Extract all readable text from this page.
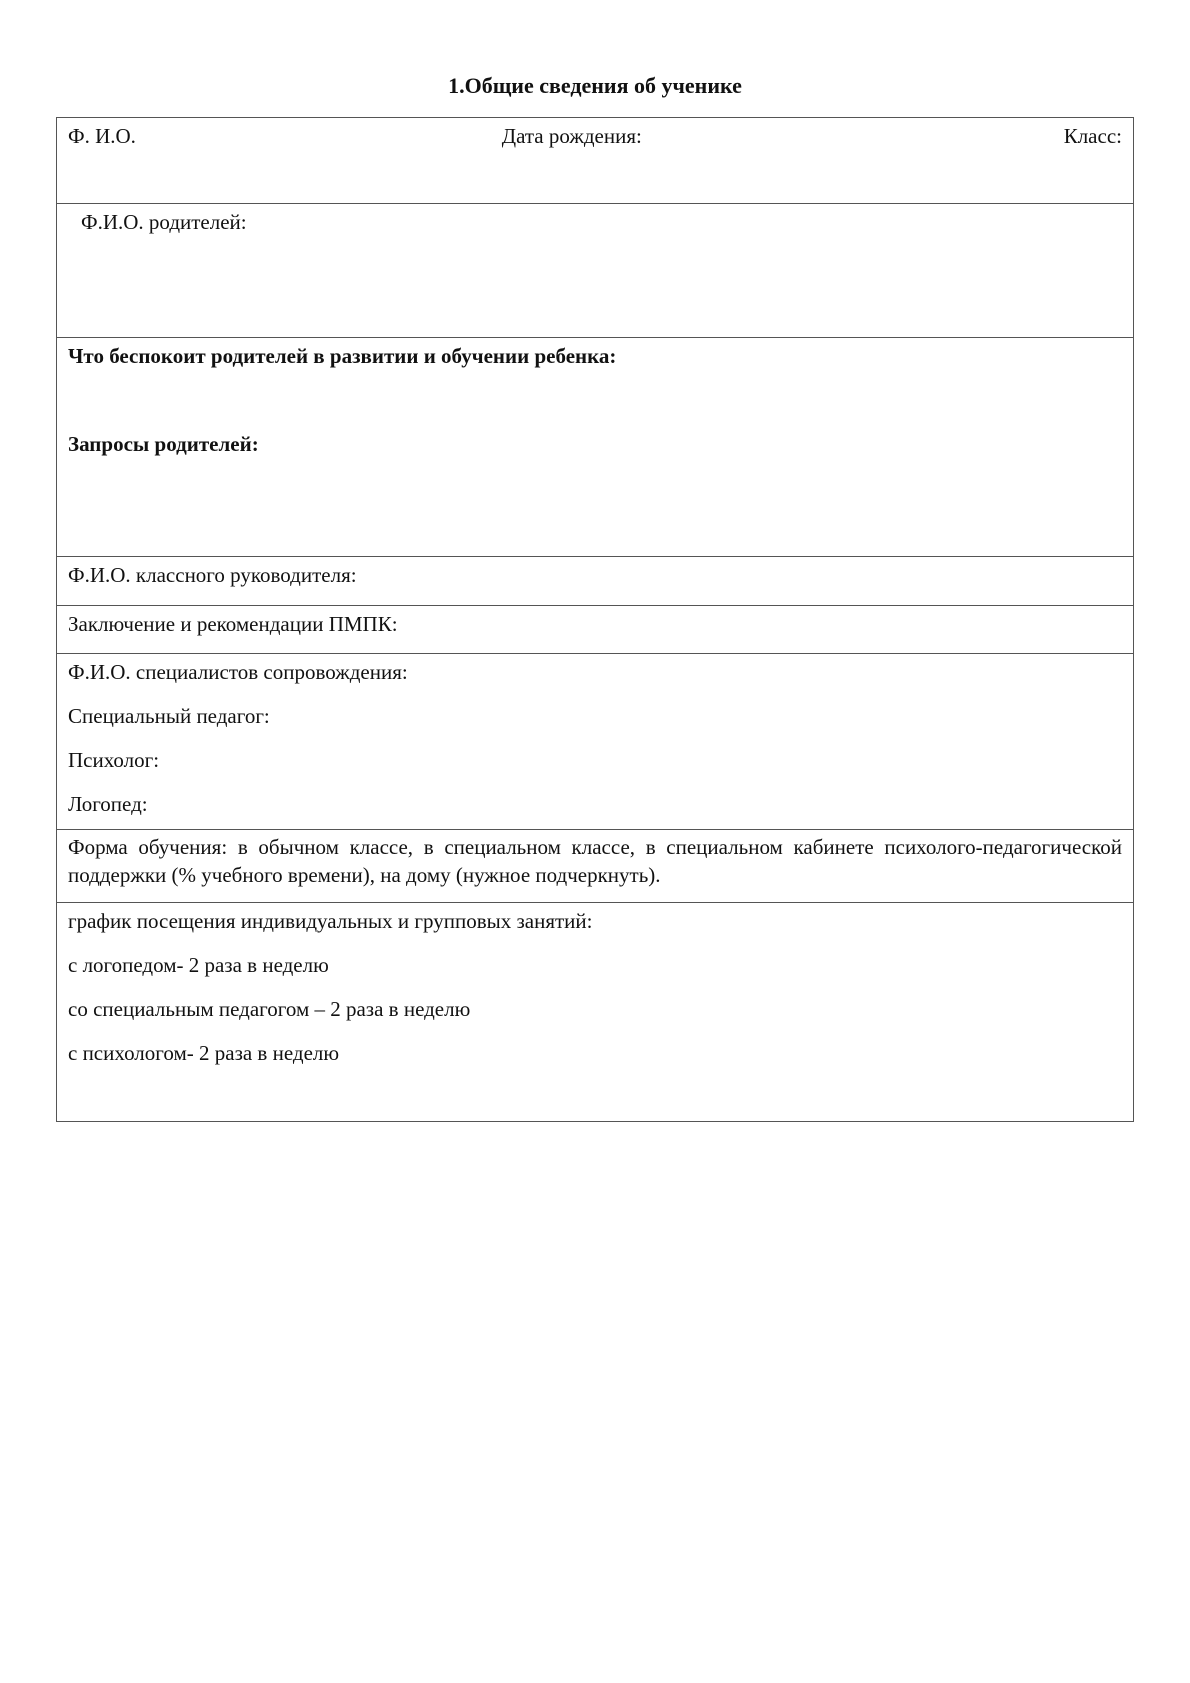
1.Общие сведения об ученике
Ф. И.О.	Дата рождения:	Класс:

Ф.И.О. родителей:

Что беспокоит родителей в развитии и обучении ребенка:
Запросы родителей:

Ф.И.О. классного руководителя:

Заключение и рекомендации ПМПК:

Ф.И.О. специалистов сопровождения:
Специальный педагог:
Психолог:
Логопед:

Форма обучения: в обычном классе, в специальном классе, в специальном кабинете психолого-педагогической поддержки (% учебного времени), на дому (нужное подчеркнуть).

график посещения индивидуальных и групповых занятий:
с логопедом- 2 раза в неделю
со специальным педагогом – 2 раза в неделю
с психологом- 2 раза в неделю
